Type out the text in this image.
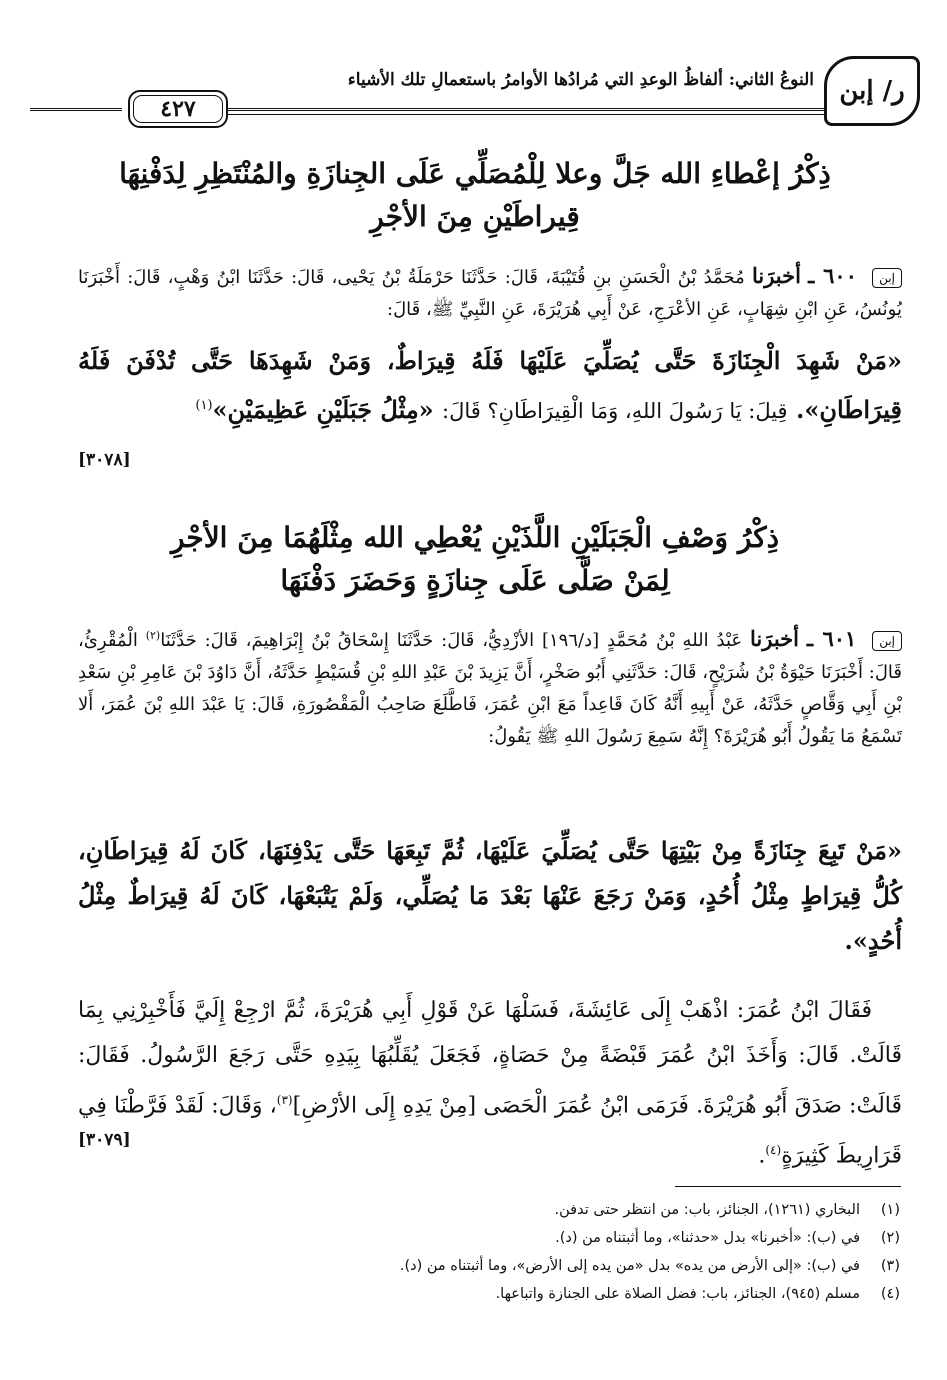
ر/ إبن
النوعُ الثاني: ألفاظُ الوعدِ التي مُرادُها الأوامرُ باستعمالِ تلك الأشياء
٤٢٧
ذِكْرُ إعْطاءِ الله جَلَّ وعلا لِلْمُصَلِّي عَلَى الجِنازَةِ والمُنْتَظِرِ لِدَفْنِهَا
قِيراطَيْنِ مِنَ الأجْرِ
إبن ٦٠٠ ـ أخبرَنا مُحَمَّدُ بْنُ الْحَسَنِ بنِ قُتَيْبَةَ، قَالَ: حَدَّثَنَا حَرْمَلَةُ بْنُ يَحْيى، قَالَ: حَدَّثَنَا ابْنُ وَهْبٍ، قَالَ: أَخْبَرَنَا يُونُسُ، عَنِ ابْنِ شِهَابٍ، عَنِ الأعْرَجِ، عَنْ أَبِي هُرَيْرَةَ، عَنِ النَّبِيِّ ﷺ، قَالَ:
«مَنْ شَهِدَ الْجِنَازَةَ حَتَّى يُصَلِّيَ عَلَيْهَا فَلَهُ قِيرَاطٌ، وَمَنْ شَهِدَهَا حَتَّى تُدْفَنَ فَلَهُ قِيرَاطَانِ». قِيلَ: يَا رَسُولَ اللهِ، وَمَا الْقِيرَاطَانِ؟ قَالَ: «مِثْلُ جَبَلَيْنِ عَظِيمَيْنِ»$^{(١)}$
[٣٠٧٨]
ذِكْرُ وَصْفِ الْجَبَلَيْنِ اللَّذَيْنِ يُعْطِي الله مِثْلَهُمَا مِنَ الأجْرِ
لِمَنْ صَلَّى عَلَى جِنازَةٍ وَحَضَرَ دَفْنَهَا
إبن ٦٠١ ـ أخبرَنا عَبْدُ اللهِ بْنُ مُحَمَّدٍ [د/١٩٦] الأزْدِيُّ، قَالَ: حَدَّثَنَا إِسْحَاقُ بْنُ إِبْرَاهِيمَ، قَالَ: حَدَّثَنَا$^{(٢)}$ الْمُقْرِئُ، قَالَ: أَخْبَرَنَا حَيْوَةُ بْنُ شُرَيْحٍ، قَالَ: حَدَّثَنِي أَبُو صَخْرٍ، أَنَّ يَزِيدَ بْنَ عَبْدِ اللهِ بْنِ قُسَيْطٍ حَدَّثَهُ، أَنَّ دَاوُدَ بْنَ عَامِرِ بْنِ سَعْدِ بْنِ أَبِي وَقَّاصٍ حَدَّثَهُ، عَنْ أَبِيهِ أَنَّهُ كَانَ قَاعِداً مَعَ ابْنِ عُمَرَ، فَاطَّلَعَ صَاحِبُ الْمَقْصُورَةِ، قَالَ: يَا عَبْدَ اللهِ بْنَ عُمَرَ، أَلا تَسْمَعُ مَا يَقُولُ أَبُو هُرَيْرَةَ؟ إِنَّهُ سَمِعَ رَسُولَ اللهِ ﷺ يَقُولُ:
«مَنْ تَبِعَ جِنَازَةً مِنْ بَيْتِهَا حَتَّى يُصَلِّيَ عَلَيْهَا، ثُمَّ تَبِعَهَا حَتَّى يَدْفِنَهَا، كَانَ لَهُ قِيرَاطَانِ، كُلُّ قِيرَاطٍ مِثْلُ أُحُدٍ، وَمَنْ رَجَعَ عَنْهَا بَعْدَ مَا يُصَلِّي، وَلَمْ يَتْبَعْهَا، كَانَ لَهُ قِيرَاطٌ مِثْلُ أُحُدٍ».
فَقَالَ ابْنُ عُمَرَ: اذْهَبْ إِلَى عَائِشَةَ، فَسَلْهَا عَنْ قَوْلِ أَبِي هُرَيْرَةَ، ثُمَّ ارْجِعْ إِلَيَّ فَأَخْبِرْنِي بِمَا قَالَتْ. قَالَ: وَأَخَذَ ابْنُ عُمَرَ قَبْضَةً مِنْ حَصَاةٍ، فَجَعَلَ يُقَلِّبُهَا بِيَدِهِ حَتَّى رَجَعَ الرَّسُولُ. فَقَالَ: قَالَتْ: صَدَقَ أَبُو هُرَيْرَةَ. فَرَمَى ابْنُ عُمَرَ الْحَصَى [مِنْ يَدِهِ إِلَى الأرْضِ]$^{(٣)}$، وَقَالَ: لَقَدْ فَرَّطْنَا فِي قَرَارِيطَ كَثِيرَةٍ$^{(٤)}$.
[٣٠٧٩]
(١)
البخاري (١٢٦١)، الجنائز، باب: من انتظر حتى تدفن.
(٢)
في (ب): «أخبرنا» بدل «حدثنا»، وما أثبتناه من (د).
(٣)
في (ب): «إلى الأرض من يده» بدل «من يده إلى الأرض»، وما أثبتناه من (د).
(٤)
مسلم (٩٤٥)، الجنائز، باب: فضل الصلاة على الجنازة واتباعها.
